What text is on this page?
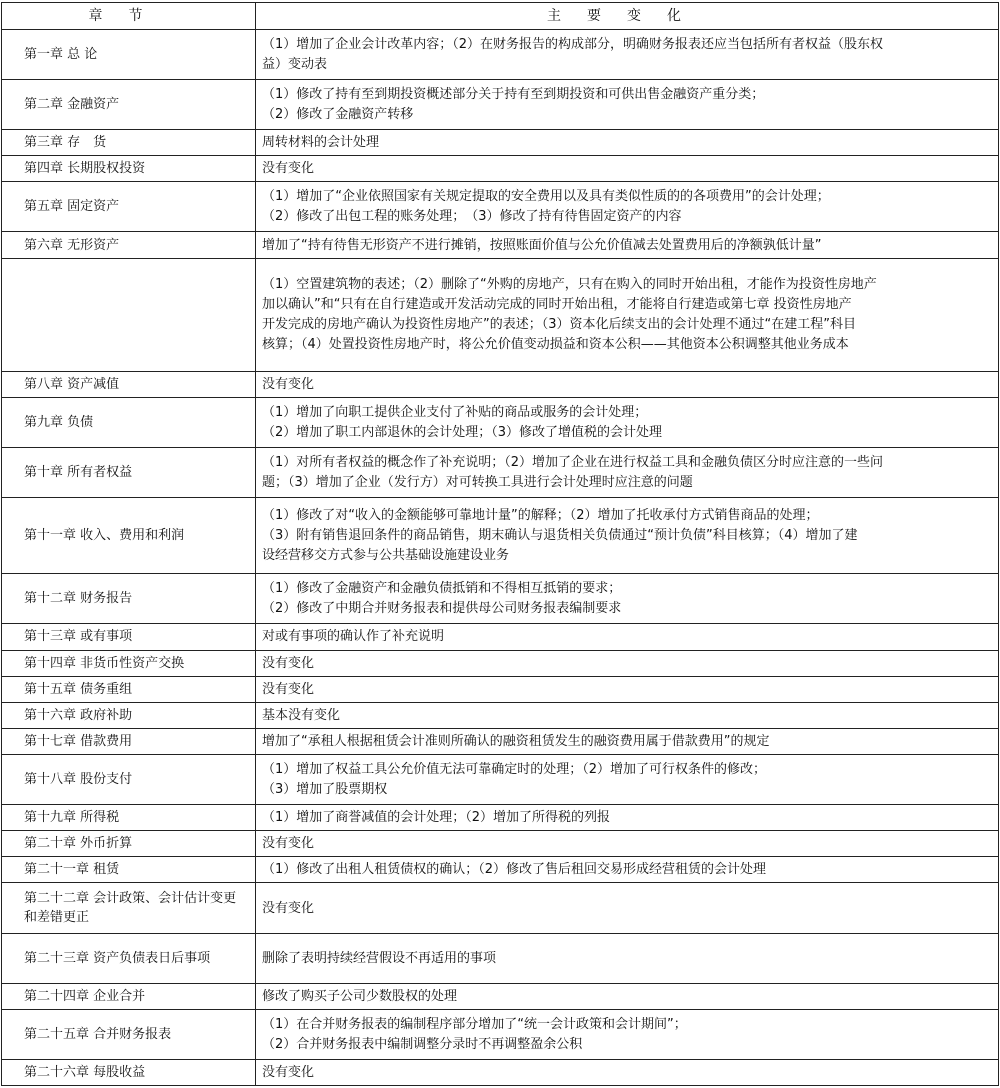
章节	主要变化
第一章 总 论	（1）增加了企业会计改革内容；（2）在财务报告的构成部分，明确财务报表还应当包括所有者权益（股东权
益）变动表

第二章 金融资产	（1）修改了持有至到期投资概述部分关于持有至到期投资和可供出售金融资产重分类；
（2）修改了金融资产转移

第三章 存　货	周转材料的会计处理

第四章 长期股权投资	没有变化

第五章 固定资产	（1）增加了“企业依照国家有关规定提取的安全费用以及具有类似性质的的各项费用”的会计处理；
（2）修改了出包工程的账务处理；　（3）修改了持有待售固定资产的内容

第六章 无形资产	增加了“持有待售无形资产不进行摊销，按照账面价值与公允价值减去处置费用后的净额孰低计量”

	（1）空置建筑物的表述；（2）删除了“外购的房地产，只有在购入的同时开始出租，才能作为投资性房地产
加以确认”和“只有在自行建造或开发活动完成的同时开始出租，才能将自行建造或第七章 投资性房地产
开发完成的房地产确认为投资性房地产”的表述；（3）资本化后续支出的会计处理不通过“在建工程”科目
核算；（4）处置投资性房地产时，将公允价值变动损益和资本公积——其他资本公积调整其他业务成本

第八章 资产减值	没有变化

第九章 负债	（1）增加了向职工提供企业支付了补贴的商品或服务的会计处理；
（2）增加了职工内部退休的会计处理；（3）修改了增值税的会计处理

第十章 所有者权益	（1）对所有者权益的概念作了补充说明；（2）增加了企业在进行权益工具和金融负债区分时应注意的一些问
题；（3）增加了企业（发行方）对可转换工具进行会计处理时应注意的问题

第十一章 收入、费用和利润	（1）修改了对“收入的金额能够可靠地计量”的解释；（2）增加了托收承付方式销售商品的处理；
（3）附有销售退回条件的商品销售，期末确认与退货相关负债通过“预计负债”科目核算；（4）增加了建
设经营移交方式参与公共基础设施建设业务

第十二章 财务报告	（1）修改了金融资产和金融负债抵销和不得相互抵销的要求；
（2）修改了中期合并财务报表和提供母公司财务报表编制要求

第十三章 或有事项	对或有事项的确认作了补充说明

第十四章 非货币性资产交换	没有变化

第十五章 债务重组	没有变化

第十六章 政府补助	基本没有变化

第十七章 借款费用	增加了“承租人根据租赁会计准则所确认的融资租赁发生的融资费用属于借款费用”的规定

第十八章 股份支付	（1）增加了权益工具公允价值无法可靠确定时的处理；（2）增加了可行权条件的修改；
（3）增加了股票期权

第十九章 所得税	（1）增加了商誉减值的会计处理；（2）增加了所得税的列报

第二十章 外币折算	没有变化

第二十一章 租赁	（1）修改了出租人租赁债权的确认；（2）修改了售后租回交易形成经营租赁的会计处理

第二十二章 会计政策、会计估计变更和差错更正	没有变化

第二十三章 资产负债表日后事项	删除了表明持续经营假设不再适用的事项

第二十四章 企业合并	修改了购买子公司少数股权的处理

第二十五章 合并财务报表	（1）在合并财务报表的编制程序部分增加了“统一会计政策和会计期间”；
（2）合并财务报表中编制调整分录时不再调整盈余公积

第二十六章 每股收益	没有变化
